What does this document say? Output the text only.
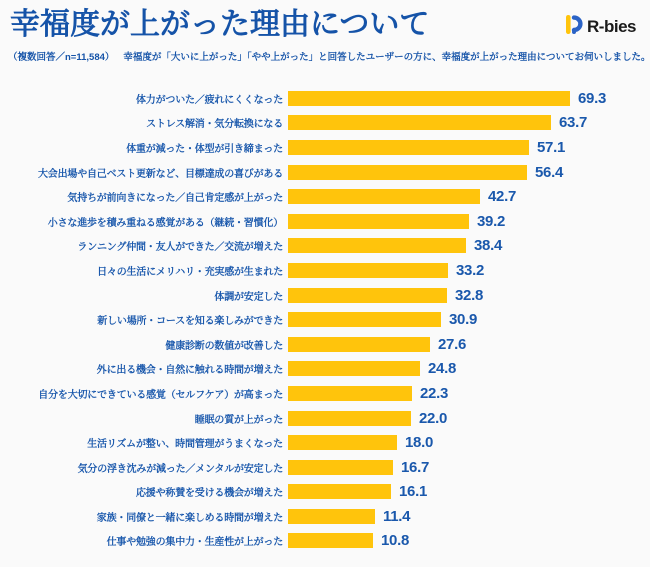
幸福度が上がった理由について	R-bies
（複数回答／n=11,584） 幸福度が「大いに上がった」「やや上がった」と回答したユーザーの方に、幸福度が上がった理由についてお伺いしました。
体力がついた／疲れにくくなった	69.3
ストレス解消・気分転換になる	63.7
体重が減った・体型が引き締まった	57.1
大会出場や自己ベスト更新など、目標達成の喜びがある	56.4
気持ちが前向きになった／自己肯定感が上がった	42.7
小さな進歩を積み重ねる感覚がある（継続・習慣化）	39.2
ランニング仲間・友人ができた／交流が増えた	38.4
日々の生活にメリハリ・充実感が生まれた	33.2
体調が安定した	32.8
新しい場所・コースを知る楽しみができた	30.9
健康診断の数値が改善した	27.6
外に出る機会・自然に触れる時間が増えた	24.8
自分を大切にできている感覚（セルフケア）が高まった	22.3
睡眠の質が上がった	22.0
生活リズムが整い、時間管理がうまくなった	18.0
気分の浮き沈みが減った／メンタルが安定した	16.7
応援や称賛を受ける機会が増えた	16.1
家族・同僚と一緒に楽しめる時間が増えた	11.4
仕事や勉強の集中力・生産性が上がった	10.8
